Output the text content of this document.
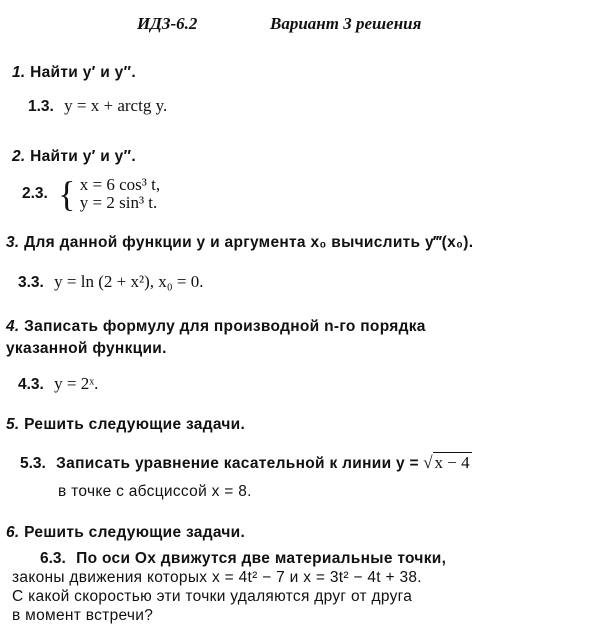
ИДЗ-6.2	Вариант 3 решения
1. Найти y′ и y″.
1.3. y = x + arctg y.
2. Найти y′ и y″.
2.3. { x = 6 cos³ t,
y = 2 sin³ t.
3. Для данной функции y и аргумента x₀ вычислить y‴(x₀).
3.3. y = ln (2 + x²), x₀ = 0.
4. Записать формулу для производной n-го порядка
указанной функции.
4.3. y = 2ˣ.
5. Решить следующие задачи.
5.3. Записать уравнение касательной к линии y = √ x − 4
в точке с абсциссой x = 8.
6. Решить следующие задачи.
6.3. По оси Ox движутся две материальные точки,
законы движения которых x = 4t² − 7 и x = 3t² − 4t + 38.
С какой скоростью эти точки удаляются друг от друга
в момент встречи?
